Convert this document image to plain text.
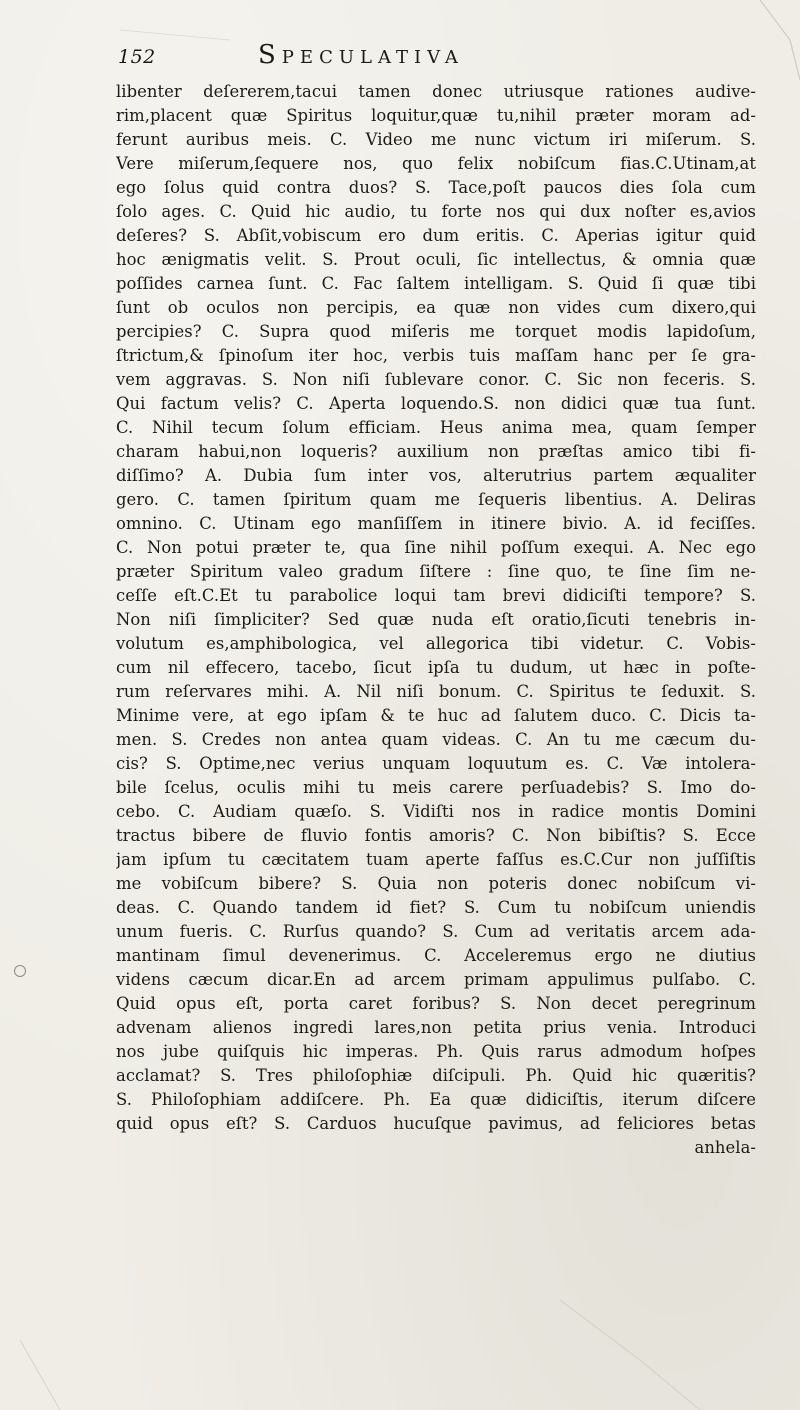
152	Speculativa
libenter deſererem,tacui tamen donec utriusque rationes audive-
rim,placent quæ Spiritus loquitur,quæ tu,nihil præter moram ad-
ferunt auribus meis. C. Video me nunc victum iri miſerum. S.
Vere miſerum,ſequere nos, quo felix nobiſcum fias.C.Utinam,at
ego ſolus quid contra duos? S. Tace,poſt paucos dies ſola cum
ſolo ages. C. Quid hic audio, tu forte nos qui dux noſter es,avios
deſeres? S. Abſit,vobiscum ero dum eritis. C. Aperias igitur quid
hoc ænigmatis velit. S. Prout oculi, ſic intellectus, & omnia quæ
poſſides carnea ſunt. C. Fac ſaltem intelligam. S. Quid ſi quæ tibi
ſunt ob oculos non percipis, ea quæ non vides cum dixero,qui
percipies? C. Supra quod miſeris me torquet modis lapidoſum,
ſtrictum,& ſpinoſum iter hoc, verbis tuis maſſam hanc per ſe gra-
vem aggravas. S. Non niſi ſublevare conor. C. Sic non feceris. S.
Qui factum velis? C. Aperta loquendo.S. non didici quæ tua ſunt.
C. Nihil tecum ſolum efficiam. Heus anima mea, quam ſemper
charam habui,non loqueris? auxilium non præſtas amico tibi fi-
diſſimo? A. Dubia ſum inter vos, alterutrius partem æqualiter
gero. C. tamen ſpiritum quam me ſequeris libentius. A. Deliras
omnino. C. Utinam ego manſiſſem in itinere bivio. A. id feciſſes.
C. Non potui præter te, qua ſine nihil poſſum exequi. A. Nec ego
præter Spiritum valeo gradum ſiſtere : ſine quo, te ſine ſim ne-
ceſſe eſt.C.Et tu parabolice loqui tam brevi didiciſti tempore? S.
Non niſi ſimpliciter? Sed quæ nuda eſt oratio,ſicuti tenebris in-
volutum es,amphibologica, vel allegorica tibi videtur. C. Vobis-
cum nil effecero, tacebo, ſicut ipſa tu dudum, ut hæc in poſte-
rum reſervares mihi. A. Nil niſi bonum. C. Spiritus te ſeduxit. S.
Minime vere, at ego ipſam & te huc ad ſalutem duco. C. Dicis ta-
men. S. Credes non antea quam videas. C. An tu me cæcum du-
cis? S. Optime,nec verius unquam loquutum es. C. Væ intolera-
bile ſcelus, oculis mihi tu meis carere perſuadebis? S. Imo do-
cebo. C. Audiam quæſo. S. Vidiſti nos in radice montis Domini
tractus bibere de fluvio fontis amoris? C. Non bibiſtis? S. Ecce
jam ipſum tu cæcitatem tuam aperte faſſus es.C.Cur non juſſiſtis
me vobiſcum bibere? S. Quia non poteris donec nobiſcum vi-
deas. C. Quando tandem id fiet? S. Cum tu nobiſcum uniendis
unum fueris. C. Rurſus quando? S. Cum ad veritatis arcem ada-
mantinam ſimul devenerimus. C. Acceleremus ergo ne diutius
videns cæcum dicar.En ad arcem primam appulimus pulſabo. C.
Quid opus eſt, porta caret foribus? S. Non decet peregrinum
advenam alienos ingredi lares,non petita prius venia. Introduci
nos jube quiſquis hic imperas. Ph. Quis rarus admodum hoſpes
acclamat? S. Tres philoſophiæ diſcipuli. Ph. Quid hic quæritis?
S. Philoſophiam addiſcere. Ph. Ea quæ didiciſtis, iterum diſcere
quid opus eſt? S. Carduos hucuſque pavimus, ad feliciores betas
anhela-
